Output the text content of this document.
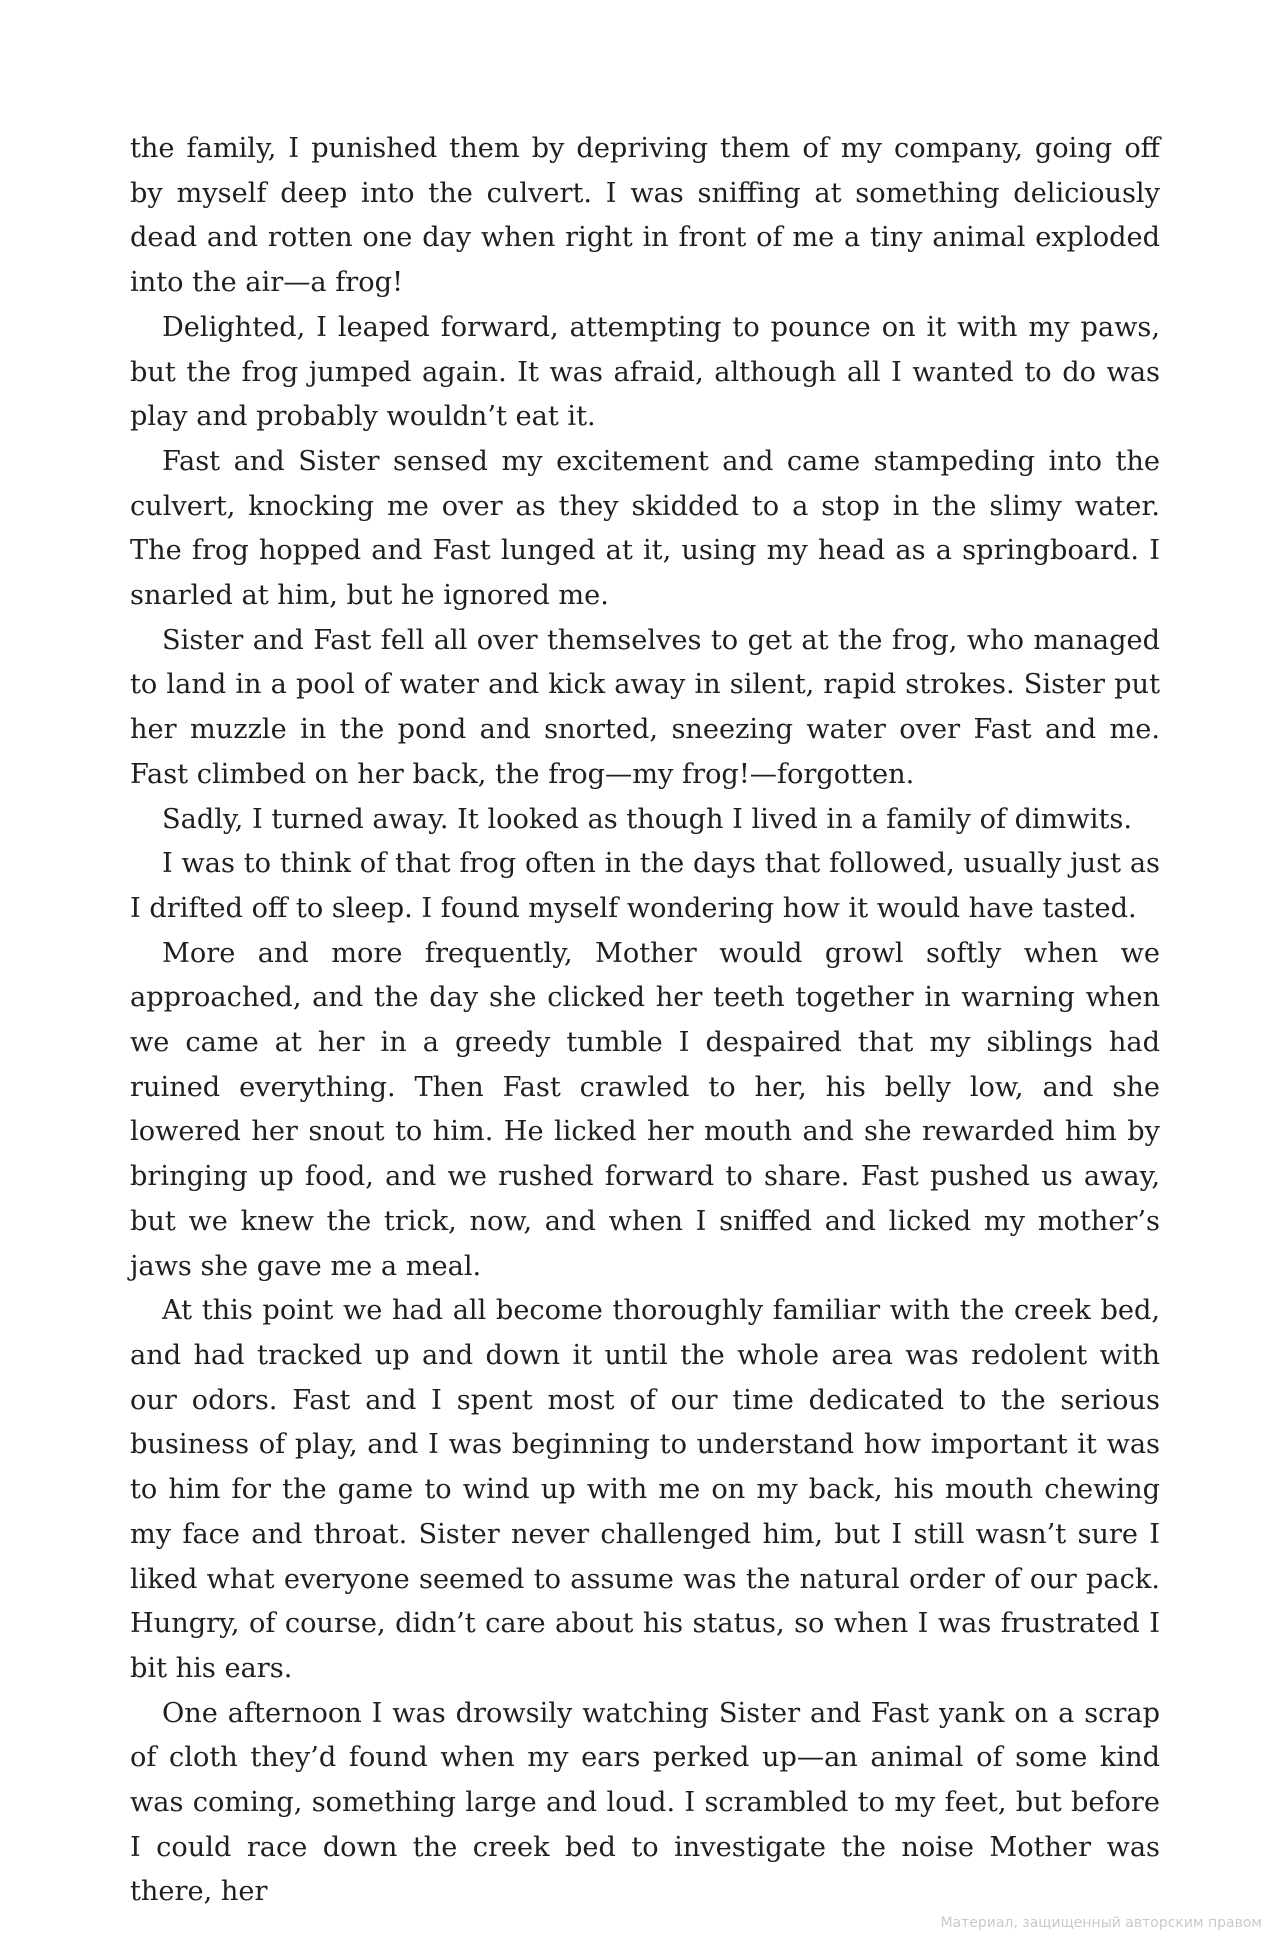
the family, I punished them by depriving them of my company, going off by myself deep into the culvert. I was sniffing at something deliciously dead and rotten one day when right in front of me a tiny animal exploded into the air—a frog!

Delighted, I leaped forward, attempting to pounce on it with my paws, but the frog jumped again. It was afraid, although all I wanted to do was play and probably wouldn’t eat it.

Fast and Sister sensed my excitement and came stampeding into the culvert, knocking me over as they skidded to a stop in the slimy water. The frog hopped and Fast lunged at it, using my head as a springboard. I snarled at him, but he ignored me.

Sister and Fast fell all over themselves to get at the frog, who managed to land in a pool of water and kick away in silent, rapid strokes. Sister put her muzzle in the pond and snorted, sneezing water over Fast and me. Fast climbed on her back, the frog—my frog!—forgotten.

Sadly, I turned away. It looked as though I lived in a family of dimwits.

I was to think of that frog often in the days that followed, usually just as I drifted off to sleep. I found myself wondering how it would have tasted.

More and more frequently, Mother would growl softly when we approached, and the day she clicked her teeth together in warning when we came at her in a greedy tumble I despaired that my siblings had ruined everything. Then Fast crawled to her, his belly low, and she lowered her snout to him. He licked her mouth and she rewarded him by bringing up food, and we rushed forward to share. Fast pushed us away, but we knew the trick, now, and when I sniffed and licked my mother’s jaws she gave me a meal.

At this point we had all become thoroughly familiar with the creek bed, and had tracked up and down it until the whole area was redolent with our odors. Fast and I spent most of our time dedicated to the serious business of play, and I was beginning to understand how important it was to him for the game to wind up with me on my back, his mouth chewing my face and throat. Sister never challenged him, but I still wasn’t sure I liked what everyone seemed to assume was the natural order of our pack. Hungry, of course, didn’t care about his status, so when I was frustrated I bit his ears.

One afternoon I was drowsily watching Sister and Fast yank on a scrap of cloth they’d found when my ears perked up—an animal of some kind was coming, something large and loud. I scrambled to my feet, but before I could race down the creek bed to investigate the noise Mother was there, her

Материал, защищенный авторским правом
